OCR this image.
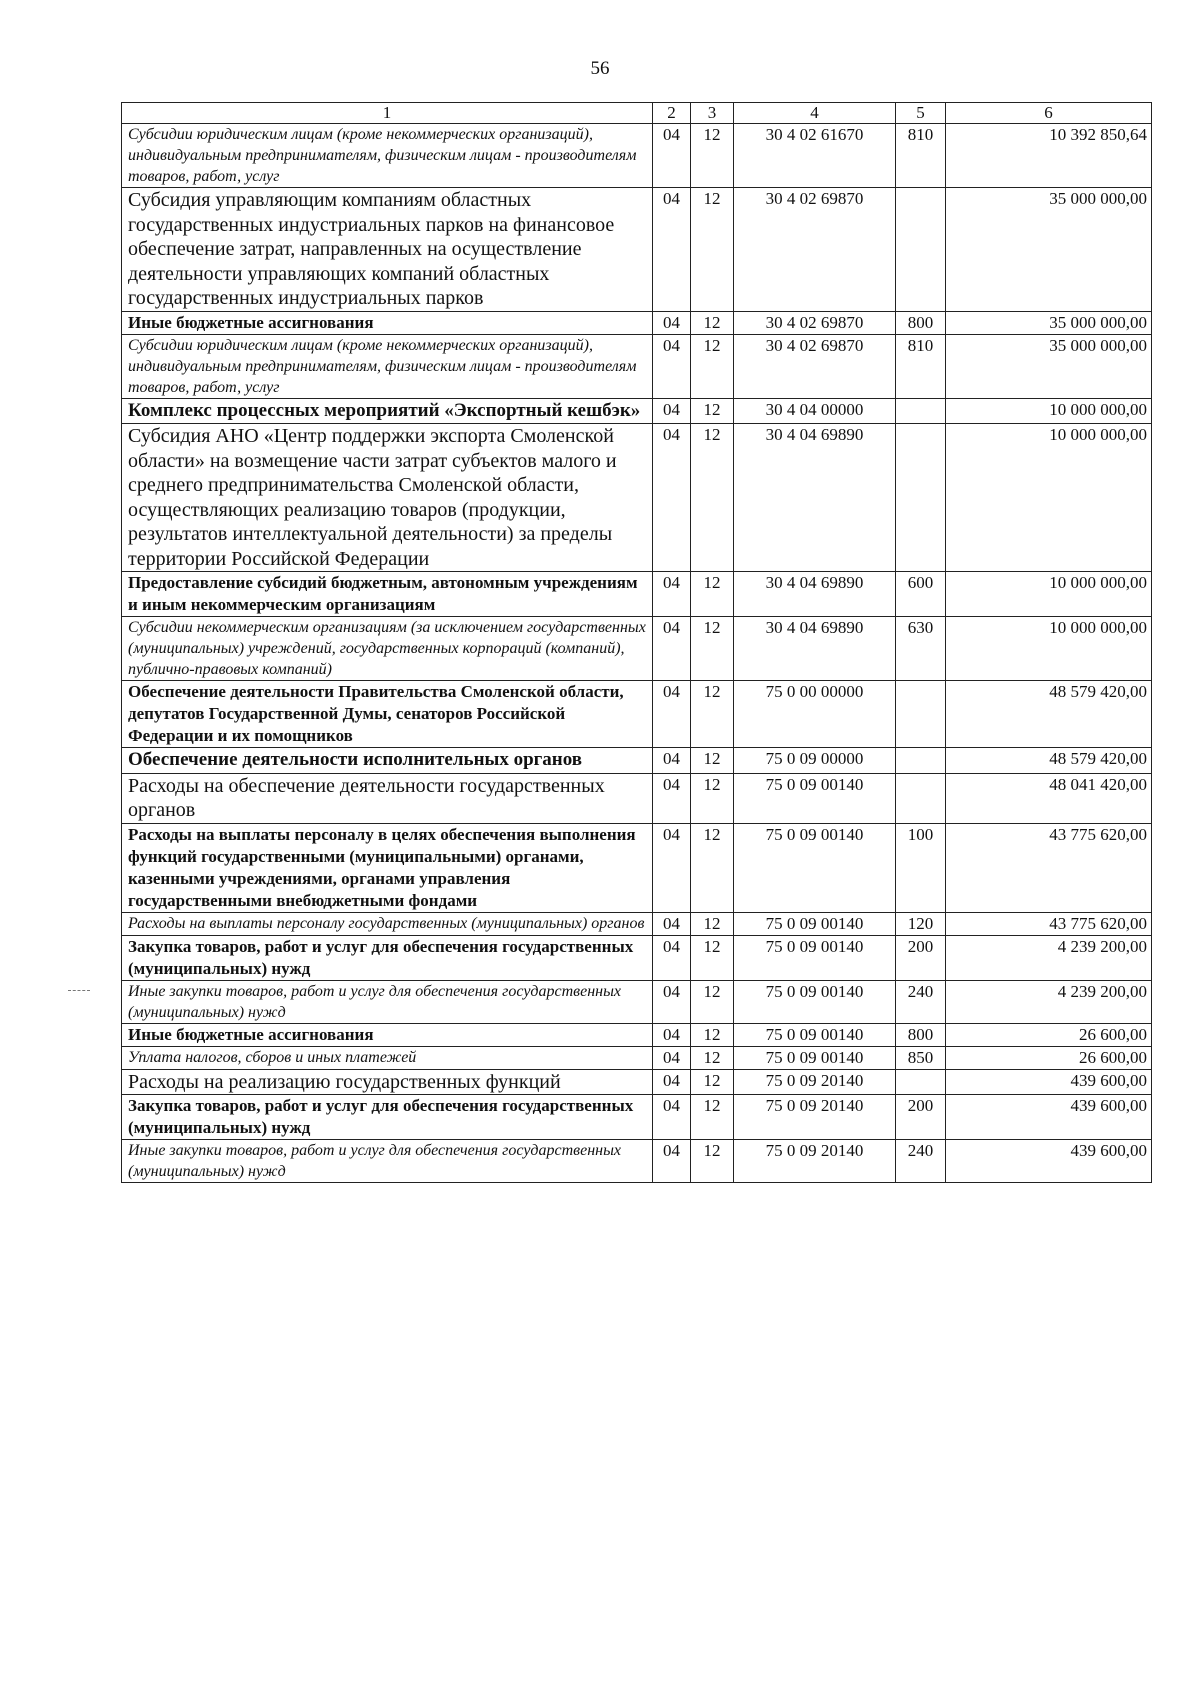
56
1	2	3	4	5	6
Субсидии юридическим лицам (кроме некоммерческих организаций), индивидуальным предпринимателям, физическим лицам - производителям товаров, работ, услуг	04	12	30 4 02 61670	810	10 392 850,64
Субсидия управляющим компаниям областных государственных индустриальных парков на финансовое обеспечение затрат, направленных на осуществление деятельности управляющих компаний областных государственных индустриальных парков	04	12	30 4 02 69870		35 000 000,00
Иные бюджетные ассигнования	04	12	30 4 02 69870	800	35 000 000,00
Субсидии юридическим лицам (кроме некоммерческих организаций), индивидуальным предпринимателям, физическим лицам - производителям товаров, работ, услуг	04	12	30 4 02 69870	810	35 000 000,00
Комплекс процессных мероприятий «Экспортный кешбэк»	04	12	30 4 04 00000		10 000 000,00
Субсидия АНО «Центр поддержки экспорта Смоленской области» на возмещение части затрат субъектов малого и среднего предпринимательства Смоленской области, осуществляющих реализацию товаров (продукции, результатов интеллектуальной деятельности) за пределы территории Российской Федерации	04	12	30 4 04 69890		10 000 000,00
Предоставление субсидий бюджетным, автономным учреждениям и иным некоммерческим организациям	04	12	30 4 04 69890	600	10 000 000,00
Субсидии некоммерческим организациям (за исключением государственных (муниципальных) учреждений, государственных корпораций (компаний), публично-правовых компаний)	04	12	30 4 04 69890	630	10 000 000,00
Обеспечение деятельности Правительства Смоленской области, депутатов Государственной Думы, сенаторов Российской Федерации и их помощников	04	12	75 0 00 00000		48 579 420,00
Обеспечение деятельности исполнительных органов	04	12	75 0 09 00000		48 579 420,00
Расходы на обеспечение деятельности государственных органов	04	12	75 0 09 00140		48 041 420,00
Расходы на выплаты персоналу в целях обеспечения выполнения функций государственными (муниципальными) органами, казенными учреждениями, органами управления государственными внебюджетными фондами	04	12	75 0 09 00140	100	43 775 620,00
Расходы на выплаты персоналу государственных (муниципальных) органов	04	12	75 0 09 00140	120	43 775 620,00
Закупка товаров, работ и услуг для обеспечения государственных (муниципальных) нужд	04	12	75 0 09 00140	200	4 239 200,00
Иные закупки товаров, работ и услуг для обеспечения государственных (муниципальных) нужд	04	12	75 0 09 00140	240	4 239 200,00
Иные бюджетные ассигнования	04	12	75 0 09 00140	800	26 600,00
Уплата налогов, сборов и иных платежей	04	12	75 0 09 00140	850	26 600,00
Расходы на реализацию государственных функций	04	12	75 0 09 20140		439 600,00
Закупка товаров, работ и услуг для обеспечения государственных (муниципальных) нужд	04	12	75 0 09 20140	200	439 600,00
Иные закупки товаров, работ и услуг для обеспечения государственных (муниципальных) нужд	04	12	75 0 09 20140	240	439 600,00
